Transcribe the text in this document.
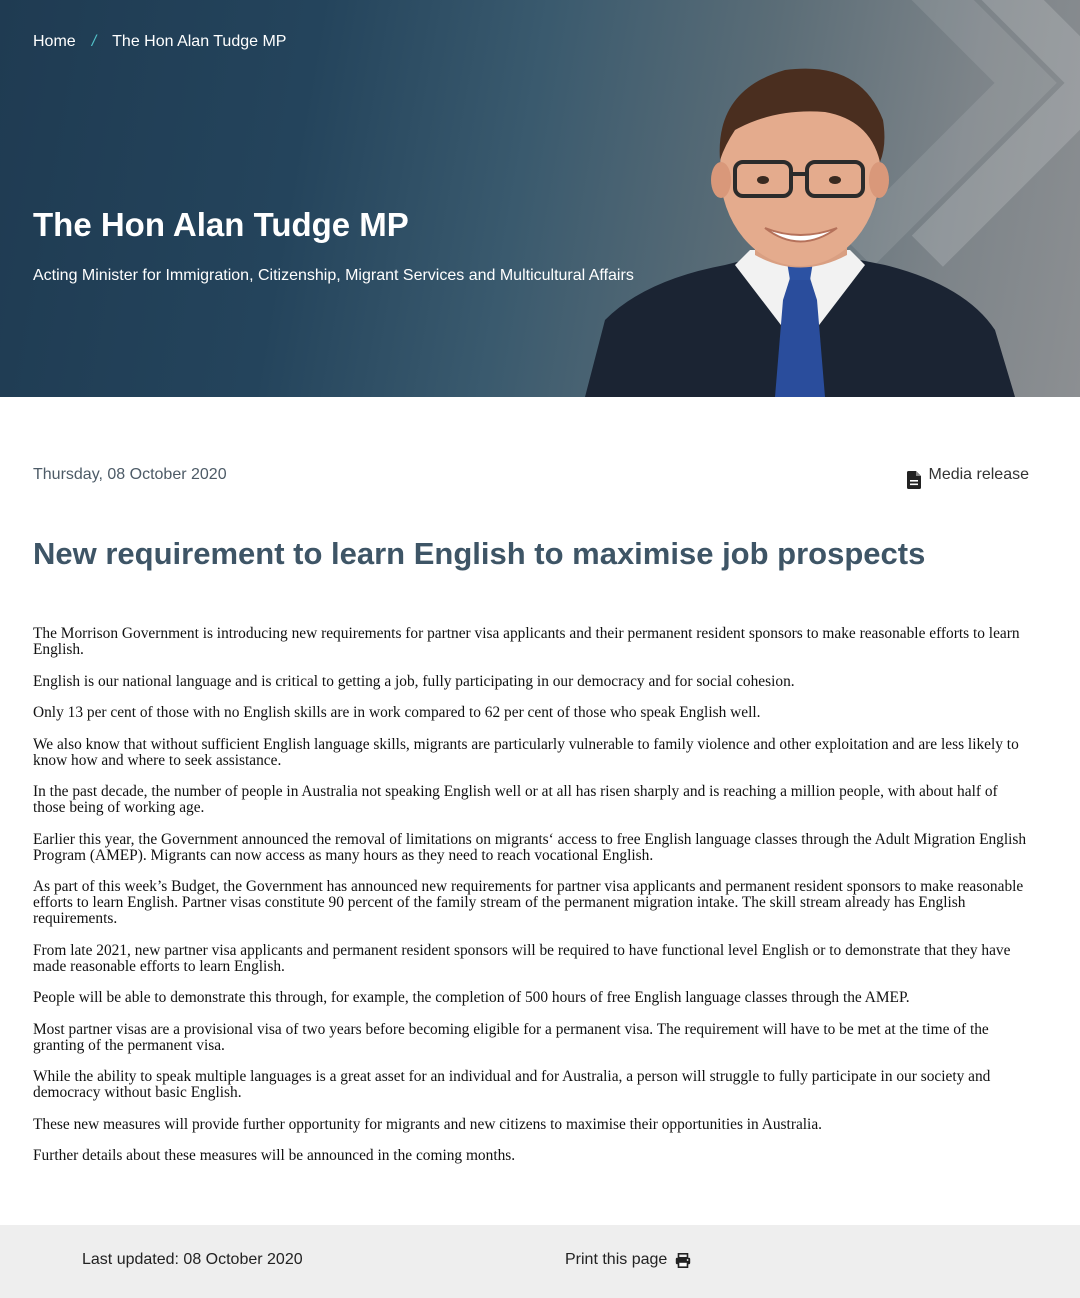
Home / The Hon Alan Tudge MP
The Hon Alan Tudge MP

Acting Minister for Immigration, Citizenship, Migrant Services and Multicultural Affairs

Thursday, 08 October 2020	Media release
New requirement to learn English to maximise job prospects

The Morrison Government is introducing new requirements for partner visa applicants and their permanent resident sponsors to make reasonable efforts to learn English.

English is our national language and is critical to getting a job, fully participating in our democracy and for social cohesion.

Only 13 per cent of those with no English skills are in work compared to 62 per cent of those who speak English well.

We also know that without sufficient English language skills, migrants are particularly vulnerable to family violence and other exploitation and are less likely to know how and where to seek assistance.

In the past decade, the number of people in Australia not speaking English well or at all has risen sharply and is reaching a million people, with about half of those being of working age.

Earlier this year, the Government announced the removal of limitations on migrants‘ access to free English language classes through the Adult Migration English Program (AMEP). Migrants can now access as many hours as they need to reach vocational English.

As part of this week’s Budget, the Government has announced new requirements for partner visa applicants and permanent resident sponsors to make reasonable efforts to learn English. Partner visas constitute 90 percent of the family stream of the permanent migration intake. The skill stream already has English requirements.

From late 2021, new partner visa applicants and permanent resident sponsors will be required to have functional level English or to demonstrate that they have made reasonable efforts to learn English.

People will be able to demonstrate this through, for example, the completion of 500 hours of free English language classes through the AMEP.

Most partner visas are a provisional visa of two years before becoming eligible for a permanent visa. The requirement will have to be met at the time of the granting of the permanent visa.

While the ability to speak multiple languages is a great asset for an individual and for Australia, a person will struggle to fully participate in our society and democracy without basic English.

These new measures will provide further opportunity for migrants and new citizens to maximise their opportunities in Australia.

Further details about these measures will be announced in the coming months.

Last updated: 08 October 2020	Print this page
